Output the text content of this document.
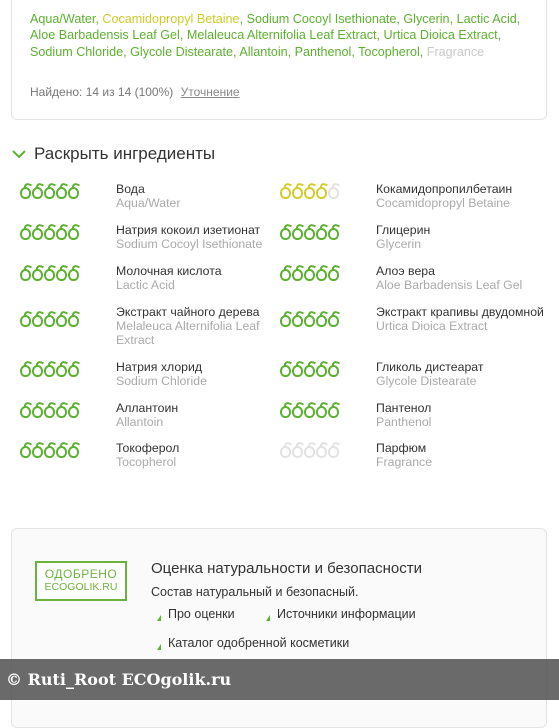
Aqua/Water, Cocamidopropyl Betaine, Sodium Cocoyl Isethionate, Glycerin, Lactic Acid, Aloe Barbadensis Leaf Gel, Melaleuca Alternifolia Leaf Extract, Urtica Dioica Extract, Sodium Chloride, Glycole Distearate, Allantoin, Panthenol, Tocopherol, Fragrance
Найдено: 14 из 14 (100%) Уточнение
Раскрыть ингредиенты
Вода
Aqua/Water
Кокамидопропилбетаин
Cocamidopropyl Betaine
Натрия кокоил изетионат
Sodium Cocoyl Isethionate
Глицерин
Glycerin
Молочная кислота
Lactic Acid
Алоэ вера
Aloe Barbadensis Leaf Gel
Экстракт чайного дерева
Melaleuca Alternifolia Leaf Extract
Экстракт крапивы двудомной
Urtica Dioica Extract
Натрия хлорид
Sodium Chloride
Гликоль дистеарат
Glycole Distearate
Аллантоин
Allantoin
Пантенол
Panthenol
Токоферол
Tocopherol
Парфюм
Fragrance
ОДОБРЕНО
ECOGOLIK.RU
Оценка натуральности и безопасности
Состав натуральный и безопасный.
Про оценки	Источники информации
Каталог одобренной косметики
© Ruti_Root ECOgolik.ru
